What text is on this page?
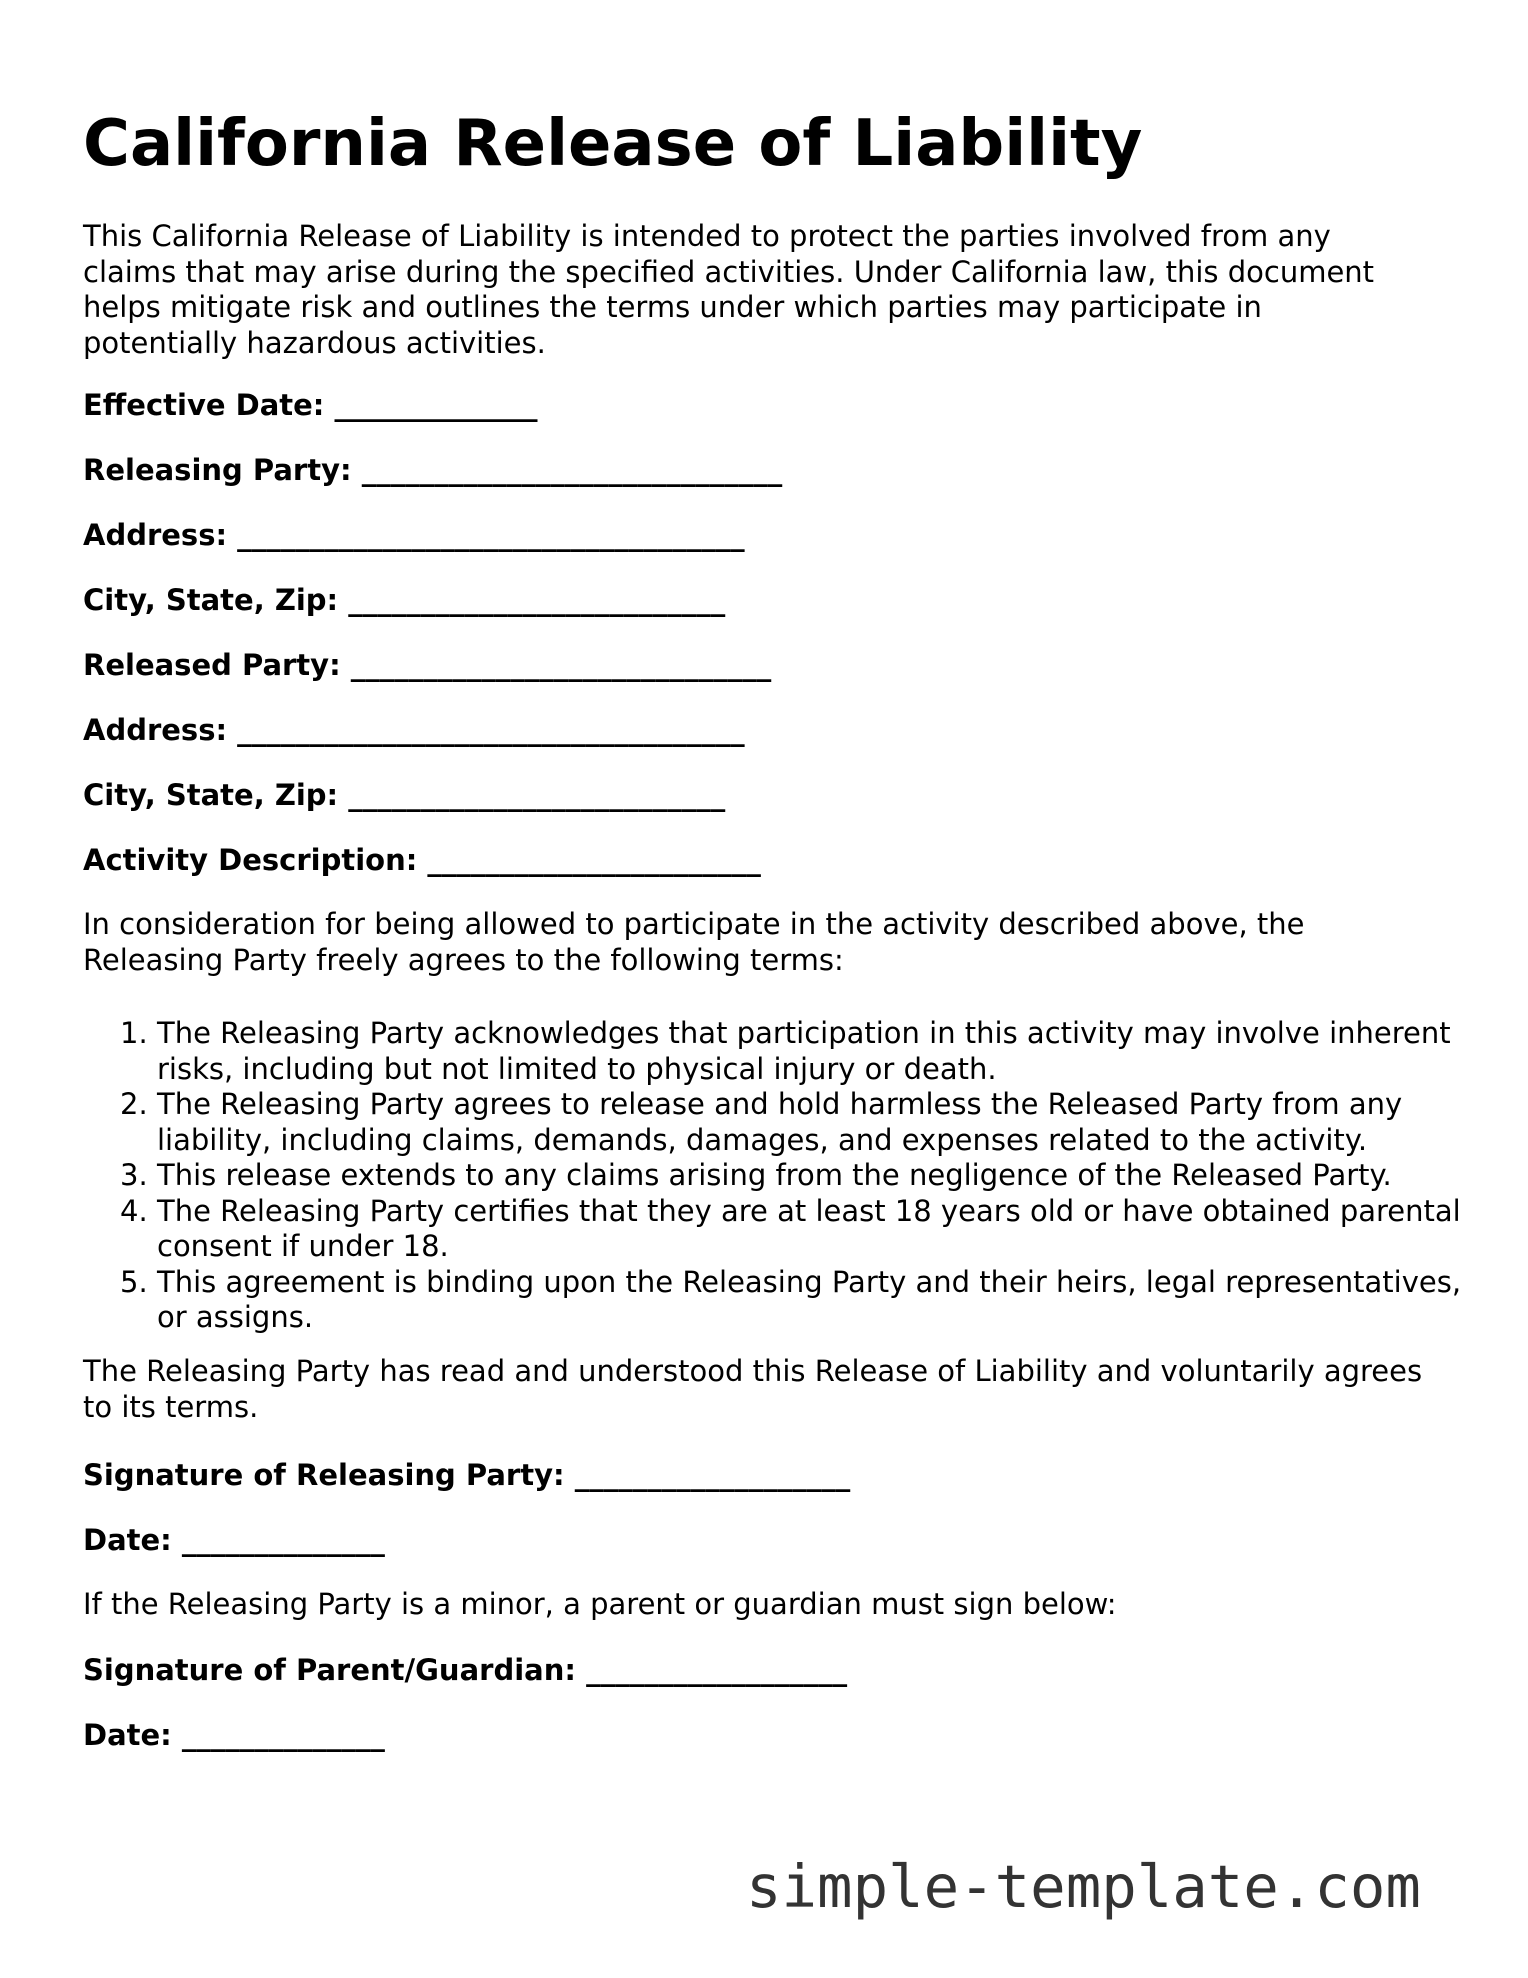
California Release of Liability

This California Release of Liability is intended to protect the parties involved from any claims that may arise during the specified activities. Under California law, this document helps mitigate risk and outlines the terms under which parties may participate in potentially hazardous activities.

Effective Date: ______________

Releasing Party: _____________________________

Address: ___________________________________

City, State, Zip: __________________________

Released Party: _____________________________

Address: ___________________________________

City, State, Zip: __________________________

Activity Description: _______________________

In consideration for being allowed to participate in the activity described above, the Releasing Party freely agrees to the following terms:

1. The Releasing Party acknowledges that participation in this activity may involve inherent risks, including but not limited to physical injury or death.
2. The Releasing Party agrees to release and hold harmless the Released Party from any liability, including claims, demands, damages, and expenses related to the activity.
3. This release extends to any claims arising from the negligence of the Released Party.
4. The Releasing Party certifies that they are at least 18 years old or have obtained parental consent if under 18.
5. This agreement is binding upon the Releasing Party and their heirs, legal representatives, or assigns.

The Releasing Party has read and understood this Release of Liability and voluntarily agrees to its terms.

Signature of Releasing Party: ___________________

Date: ______________

If the Releasing Party is a minor, a parent or guardian must sign below:

Signature of Parent/Guardian: __________________

Date: ______________

simple-template.com
